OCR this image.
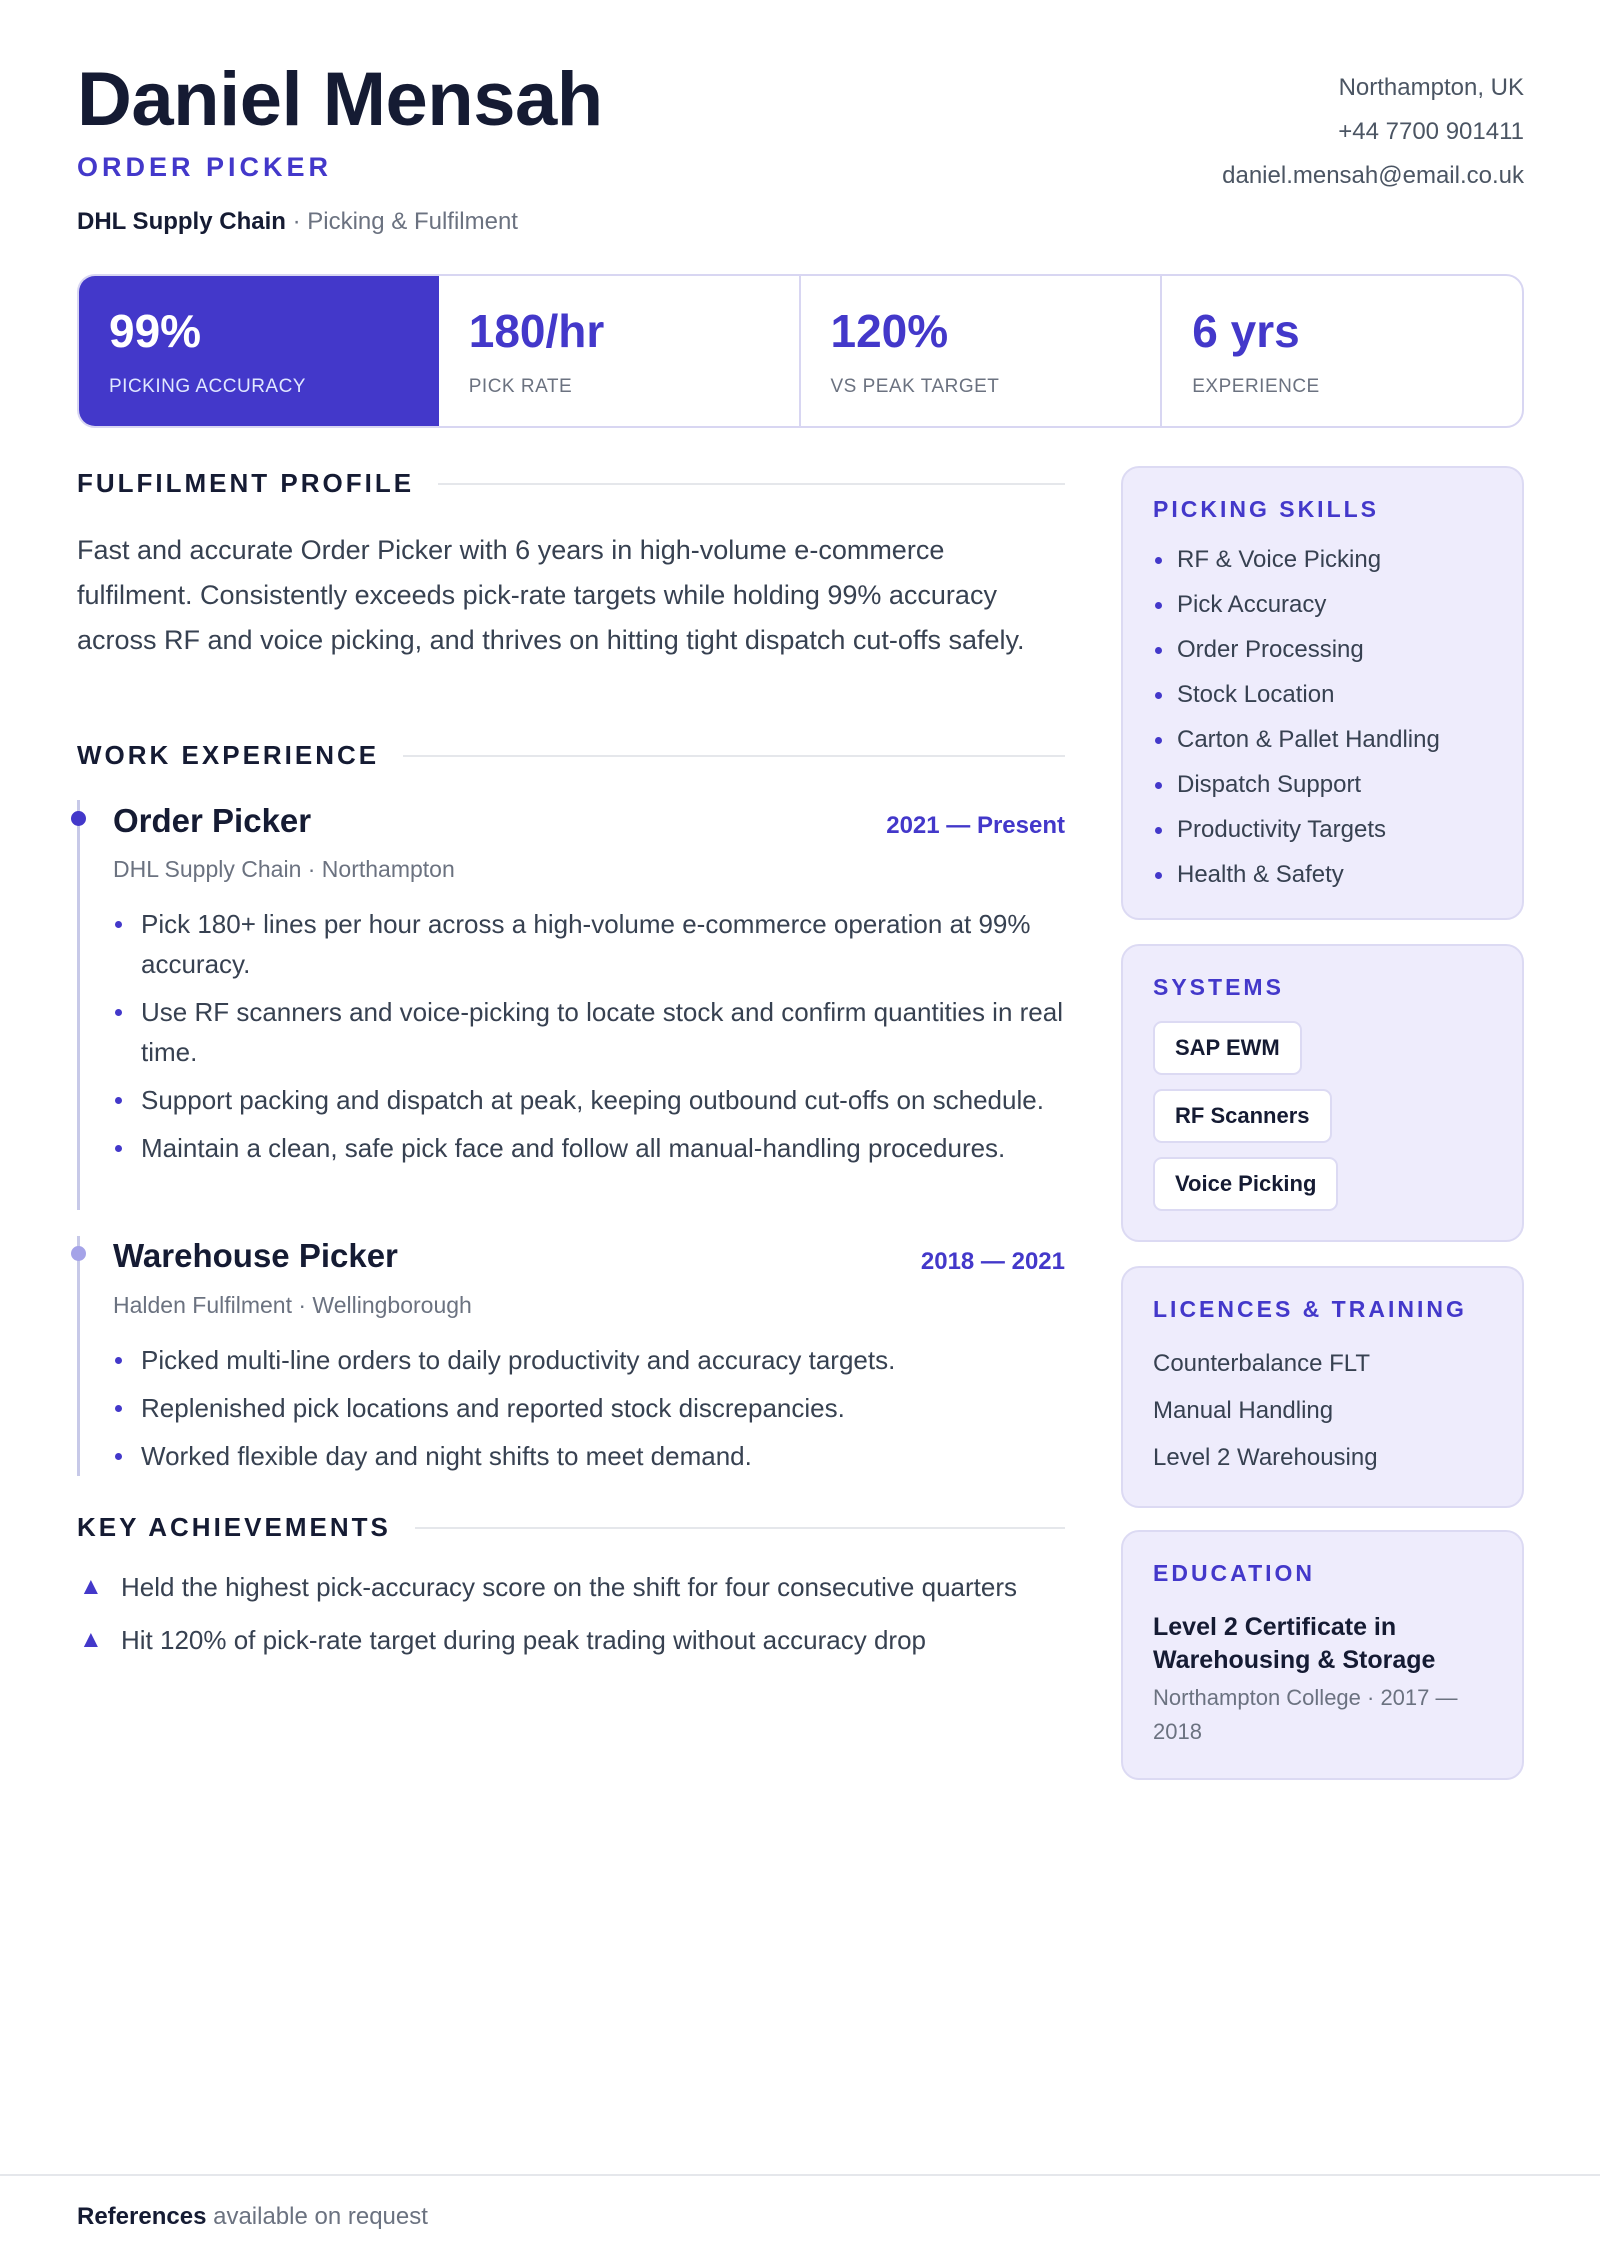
Daniel Mensah
ORDER PICKER
DHL Supply Chain · Picking & Fulfilment
Northampton, UK
+44 7700 901411
daniel.mensah@email.co.uk
99%
PICKING ACCURACY
180/hr
PICK RATE
120%
VS PEAK TARGET
6 yrs
EXPERIENCE
FULFILMENT PROFILE

Fast and accurate Order Picker with 6 years in high-volume e-commerce fulfilment. Consistently exceeds pick-rate targets while holding 99% accuracy across RF and voice picking, and thrives on hitting tight dispatch cut-offs safely.

WORK EXPERIENCE
Order Picker	2021 — Present
DHL Supply Chain · Northampton
Pick 180+ lines per hour across a high-volume e-commerce operation at 99% accuracy.
Use RF scanners and voice-picking to locate stock and confirm quantities in real time.
Support packing and dispatch at peak, keeping outbound cut-offs on schedule.
Maintain a clean, safe pick face and follow all manual-handling procedures.
Warehouse Picker	2018 — 2021
Halden Fulfilment · Wellingborough
Picked multi-line orders to daily productivity and accuracy targets.
Replenished pick locations and reported stock discrepancies.
Worked flexible day and night shifts to meet demand.
KEY ACHIEVEMENTS
▲ Held the highest pick-accuracy score on the shift for four consecutive quarters
▲ Hit 120% of pick-rate target during peak trading without accuracy drop
PICKING SKILLS
RF & Voice Picking
Pick Accuracy
Order Processing
Stock Location
Carton & Pallet Handling
Dispatch Support
Productivity Targets
Health & Safety
SYSTEMS
SAP EWM
RF Scanners
Voice Picking
LICENCES & TRAINING
Counterbalance FLT
Manual Handling
Level 2 Warehousing
EDUCATION
Level 2 Certificate in Warehousing & Storage
Northampton College · 2017 — 2018
References available on request
